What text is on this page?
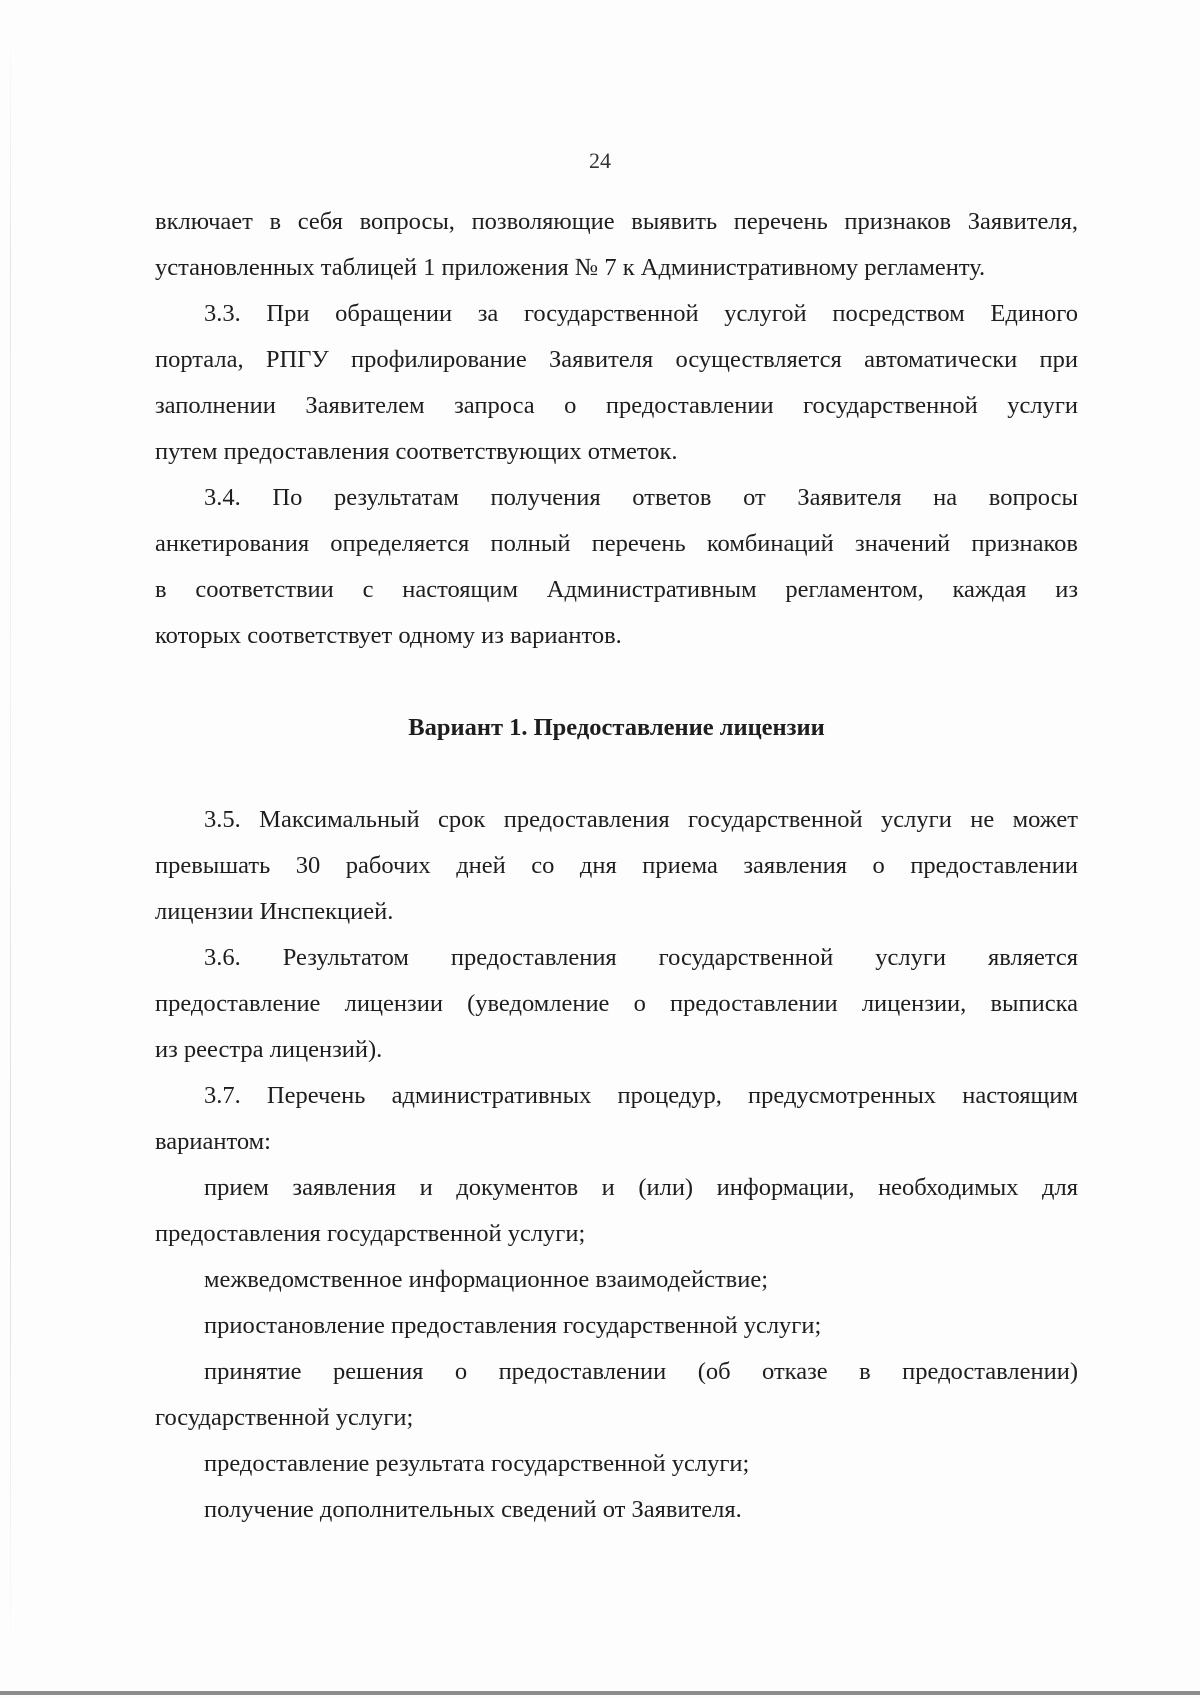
24
включает в себя вопросы, позволяющие выявить перечень признаков Заявителя,
установленных таблицей 1 приложения № 7 к Административному регламенту.
3.3. При обращении за государственной услугой посредством Единого
портала, РПГУ профилирование Заявителя осуществляется автоматически при
заполнении Заявителем запроса о предоставлении государственной услуги
путем предоставления соответствующих отметок.
3.4. По результатам получения ответов от Заявителя на вопросы
анкетирования определяется полный перечень комбинаций значений признаков
в соответствии с настоящим Административным регламентом, каждая из
которых соответствует одному из вариантов.
Вариант 1. Предоставление лицензии
3.5. Максимальный срок предоставления государственной услуги не может
превышать 30 рабочих дней со дня приема заявления о предоставлении
лицензии Инспекцией.
3.6. Результатом предоставления государственной услуги является
предоставление лицензии (уведомление о предоставлении лицензии, выписка
из реестра лицензий).
3.7. Перечень административных процедур, предусмотренных настоящим
вариантом:
прием заявления и документов и (или) информации, необходимых для
предоставления государственной услуги;
межведомственное информационное взаимодействие;
приостановление предоставления государственной услуги;
принятие решения о предоставлении (об отказе в предоставлении)
государственной услуги;
предоставление результата государственной услуги;
получение дополнительных сведений от Заявителя.
